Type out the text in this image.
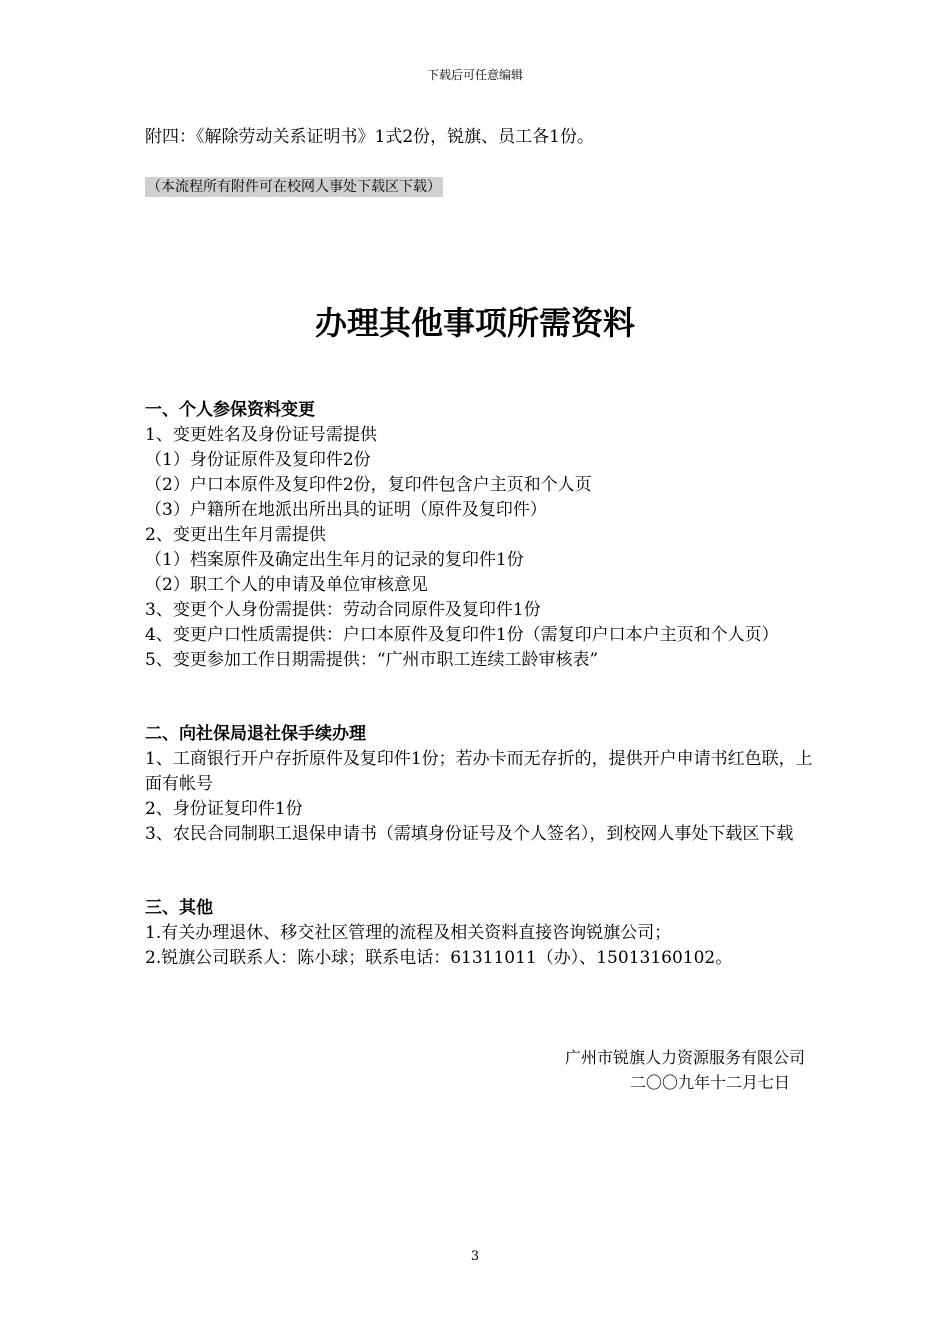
下载后可任意编辑
附四：《解除劳动关系证明书》1式2份，锐旗、员工各1份。
（本流程所有附件可在校网人事处下载区下载）
办理其他事项所需资料
一、个人参保资料变更
1、变更姓名及身份证号需提供
（1）身份证原件及复印件2份
（2）户口本原件及复印件2份，复印件包含户主页和个人页
（3）户籍所在地派出所出具的证明（原件及复印件）
2、变更出生年月需提供
（1）档案原件及确定出生年月的记录的复印件1份
（2）职工个人的申请及单位审核意见
3、变更个人身份需提供：劳动合同原件及复印件1份
4、变更户口性质需提供：户口本原件及复印件1份（需复印户口本户主页和个人页）
5、变更参加工作日期需提供：“广州市职工连续工龄审核表”
二、向社保局退社保手续办理
1、工商银行开户存折原件及复印件1份；若办卡而无存折的，提供开户申请书红色联，上面有帐号
2、身份证复印件1份
3、农民合同制职工退保申请书（需填身份证号及个人签名），到校网人事处下载区下载
三、其他
1.有关办理退休、移交社区管理的流程及相关资料直接咨询锐旗公司；
2.锐旗公司联系人：陈小球；联系电话：61311011（办）、15013160102。
广州市锐旗人力资源服务有限公司
二〇〇九年十二月七日
3
